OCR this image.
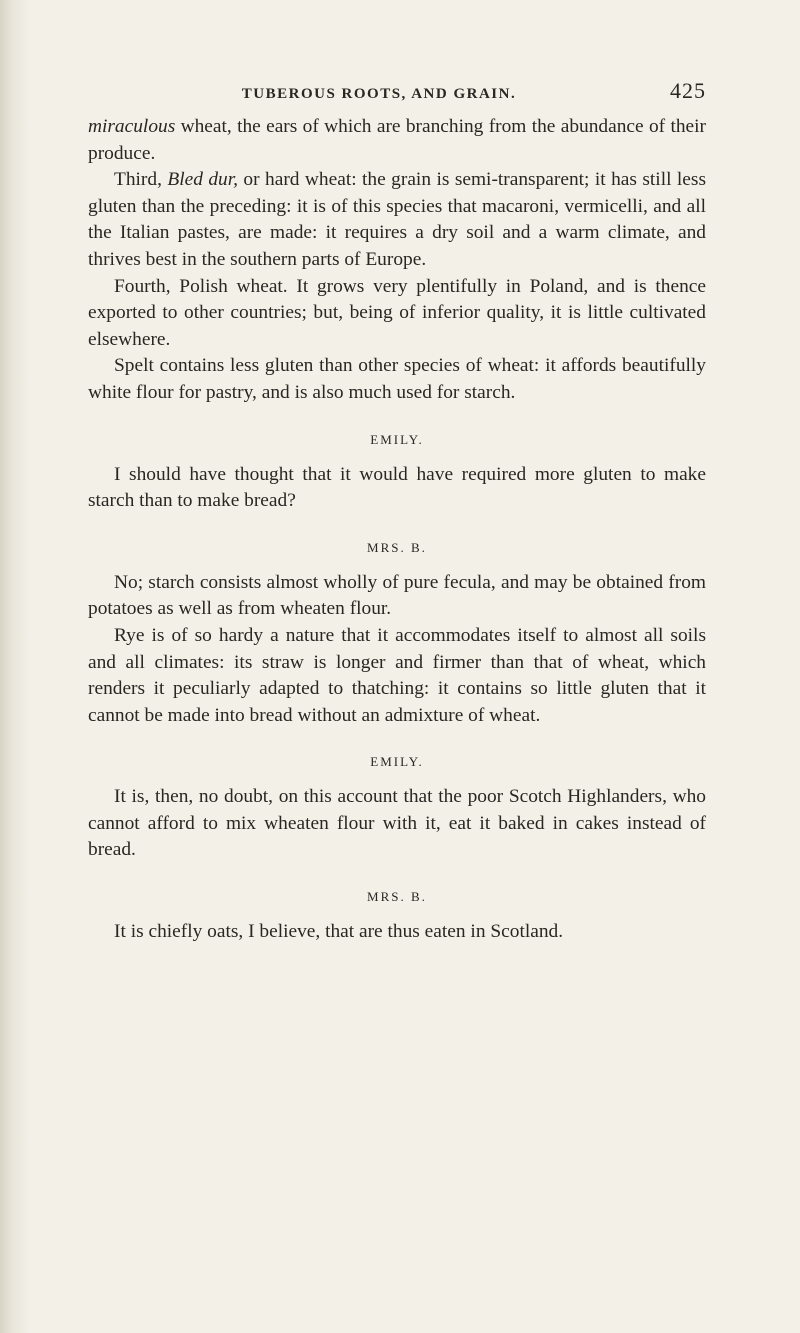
TUBEROUS ROOTS, AND GRAIN.	425

miraculous wheat, the ears of which are branching from the abundance of their produce.

Third, Bled dur, or hard wheat: the grain is semi-transparent; it has still less gluten than the preceding: it is of this species that macaroni, vermicelli, and all the Italian pastes, are made: it requires a dry soil and a warm climate, and thrives best in the southern parts of Europe.

Fourth, Polish wheat. It grows very plentifully in Poland, and is thence exported to other countries; but, being of inferior quality, it is little cultivated elsewhere.

Spelt contains less gluten than other species of wheat: it affords beautifully white flour for pastry, and is also much used for starch.

EMILY.

I should have thought that it would have required more gluten to make starch than to make bread?

MRS. B.

No; starch consists almost wholly of pure fecula, and may be obtained from potatoes as well as from wheaten flour.

Rye is of so hardy a nature that it accommodates itself to almost all soils and all climates: its straw is longer and firmer than that of wheat, which renders it peculiarly adapted to thatching: it contains so little gluten that it cannot be made into bread without an admixture of wheat.

EMILY.

It is, then, no doubt, on this account that the poor Scotch Highlanders, who cannot afford to mix wheaten flour with it, eat it baked in cakes instead of bread.

MRS. B.

It is chiefly oats, I believe, that are thus eaten in Scotland.
